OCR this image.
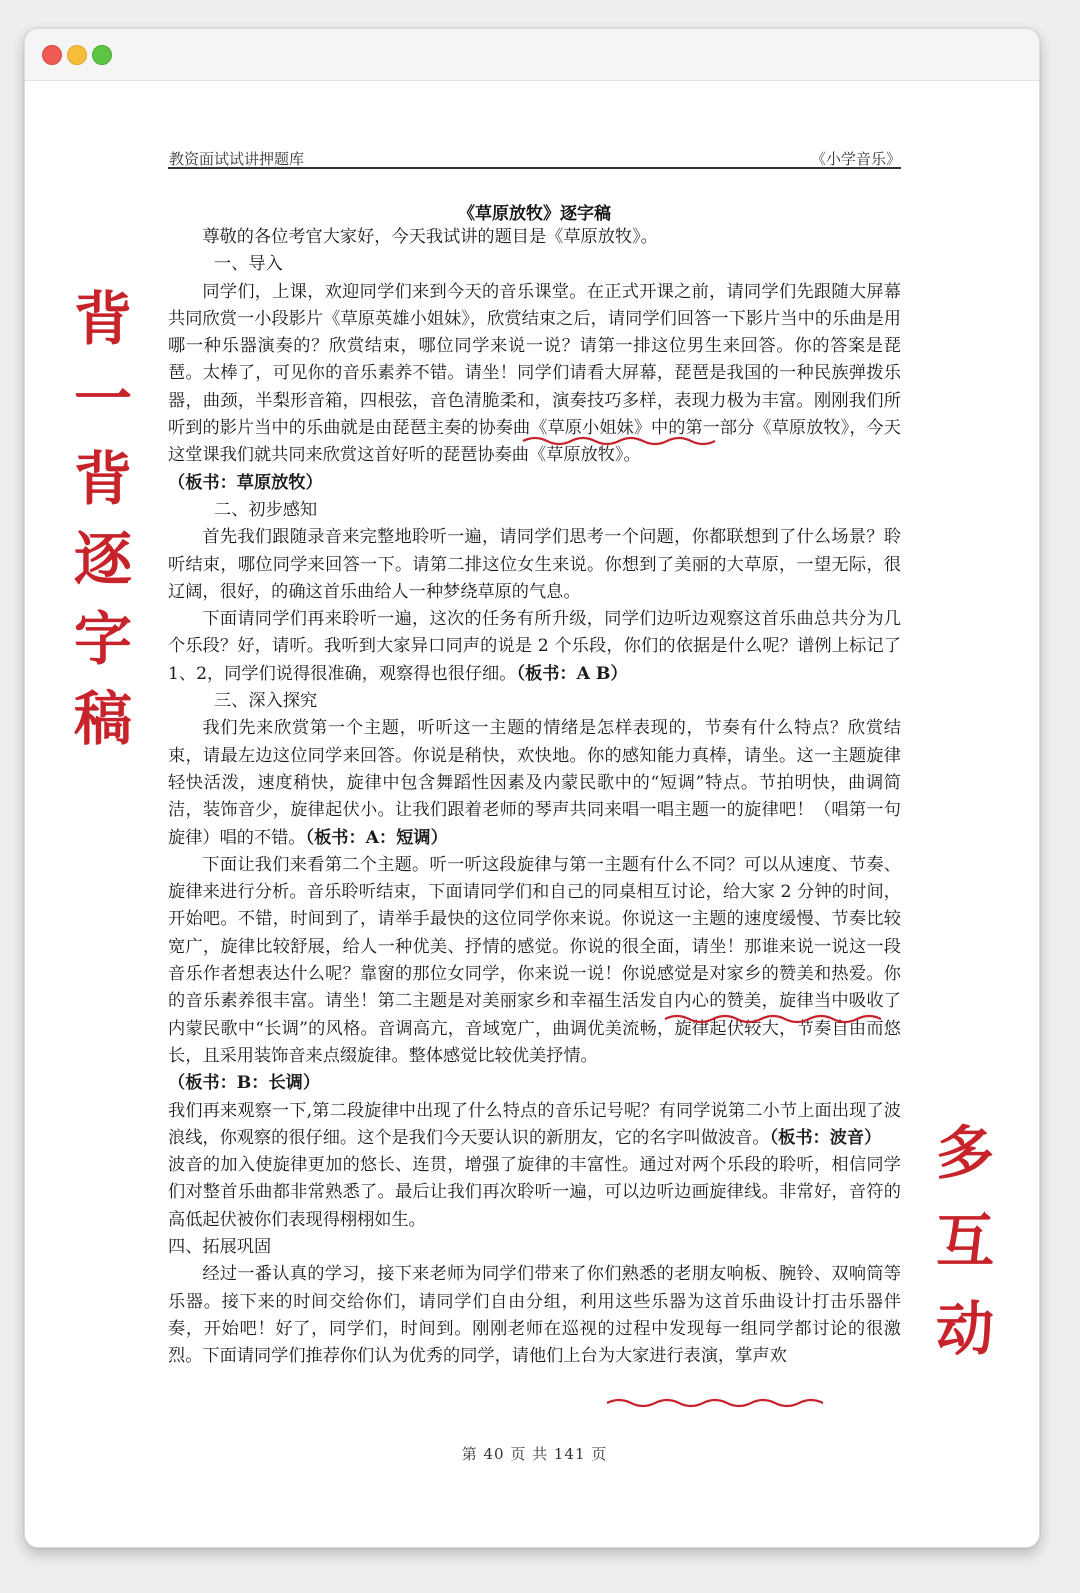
教资面试试讲押题库	《小学音乐》
《草原放牧》逐字稿

尊敬的各位考官大家好，今天我试讲的题目是《草原放牧》。

一、导入

同学们，上课，欢迎同学们来到今天的音乐课堂。在正式开课之前，请同学们先跟随大屏幕共同欣赏一小段影片《草原英雄小姐妹》，欣赏结束之后，请同学们回答一下影片当中的乐曲是用哪一种乐器演奏的？欣赏结束，哪位同学来说一说？请第一排这位男生来回答。你的答案是琵琶。太棒了，可见你的音乐素养不错。请坐！同学们请看大屏幕，琵琶是我国的一种民族弹拨乐器，曲颈，半梨形音箱，四根弦，音色清脆柔和，演奏技巧多样，表现力极为丰富。刚刚我们所听到的影片当中的乐曲就是由琵琶主奏的协奏曲《草原小姐妹》中的第一部分《草原放牧》，今天这堂课我们就共同来欣赏这首好听的琵琶协奏曲《草原放牧》。

（板书：草原放牧）

二、初步感知

首先我们跟随录音来完整地聆听一遍，请同学们思考一个问题，你都联想到了什么场景？聆听结束，哪位同学来回答一下。请第二排这位女生来说。你想到了美丽的大草原，一望无际，很辽阔，很好，的确这首乐曲给人一种梦绕草原的气息。

下面请同学们再来聆听一遍，这次的任务有所升级，同学们边听边观察这首乐曲总共分为几个乐段？好，请听。我听到大家异口同声的说是 2 个乐段，你们的依据是什么呢？谱例上标记了 1、2，同学们说得很准确，观察得也很仔细。（板书：A B）

三、深入探究

我们先来欣赏第一个主题，听听这一主题的情绪是怎样表现的，节奏有什么特点？欣赏结束，请最左边这位同学来回答。你说是稍快，欢快地。你的感知能力真棒，请坐。这一主题旋律轻快活泼，速度稍快，旋律中包含舞蹈性因素及内蒙民歌中的“短调”特点。节拍明快，曲调简洁，装饰音少，旋律起伏小。让我们跟着老师的琴声共同来唱一唱主题一的旋律吧！（唱第一句旋律）唱的不错。（板书：A：短调）

下面让我们来看第二个主题。听一听这段旋律与第一主题有什么不同？可以从速度、节奏、旋律来进行分析。音乐聆听结束，下面请同学们和自己的同桌相互讨论，给大家 2 分钟的时间，开始吧。不错，时间到了，请举手最快的这位同学你来说。你说这一主题的速度缓慢、节奏比较宽广，旋律比较舒展，给人一种优美、抒情的感觉。你说的很全面，请坐！那谁来说一说这一段音乐作者想表达什么呢？靠窗的那位女同学，你来说一说！你说感觉是对家乡的赞美和热爱。你的音乐素养很丰富。请坐！第二主题是对美丽家乡和幸福生活发自内心的赞美，旋律当中吸收了内蒙民歌中“长调”的风格。音调高亢，音域宽广，曲调优美流畅，旋律起伏较大，节奏自由而悠长，且采用装饰音来点缀旋律。整体感觉比较优美抒情。

（板书：B：长调）

我们再来观察一下,第二段旋律中出现了什么特点的音乐记号呢？有同学说第二小节上面出现了波浪线，你观察的很仔细。这个是我们今天要认识的新朋友，它的名字叫做波音。（板书：波音）

波音的加入使旋律更加的悠长、连贯，增强了旋律的丰富性。通过对两个乐段的聆听，相信同学们对整首乐曲都非常熟悉了。最后让我们再次聆听一遍，可以边听边画旋律线。非常好，音符的高低起伏被你们表现得栩栩如生。

四、拓展巩固

经过一番认真的学习，接下来老师为同学们带来了你们熟悉的老朋友响板、腕铃、双响筒等乐器。接下来的时间交给你们，请同学们自由分组，利用这些乐器为这首乐曲设计打击乐器伴奏，开始吧！好了，同学们，时间到。刚刚老师在巡视的过程中发现每一组同学都讨论的很激烈。下面请同学们推荐你们认为优秀的同学，请他们上台为大家进行表演，掌声欢

第 40 页 共 141 页
背
一
背
逐
字
稿
多
互
动
